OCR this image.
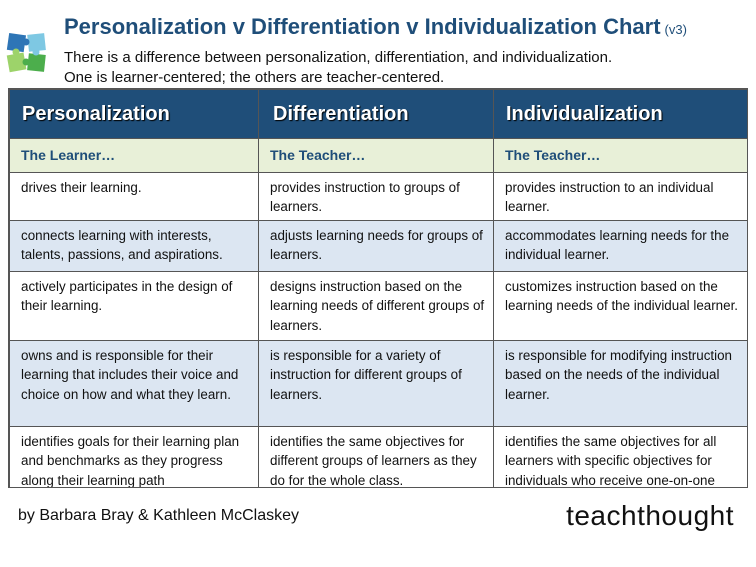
Personalization v Differentiation v Individualization Chart (v3)
There is a difference between personalization, differentiation, and individualization.
One is learner-centered; the others are teacher-centered.
Personalization	Differentiation	Individualization
The Learner…	The Teacher…	The Teacher…
drives their learning.	provides instruction to groups of learners.	provides instruction to an individual learner.
connects learning with interests, talents, passions, and aspirations.	adjusts learning needs for groups of learners.	accommodates learning needs for the individual learner.
actively participates in the design of their learning.	designs instruction based on the learning needs of different groups of learners.	customizes instruction based on the learning needs of the individual learner.
owns and is responsible for their learning that includes their voice and choice on how and what they learn.	is responsible for a variety of instruction for different groups of learners.	is responsible for modifying instruction based on the needs of the individual learner.
identifies goals for their learning plan and benchmarks as they progress along their learning path	identifies the same objectives for different groups of learners as they do for the whole class.	identifies the same objectives for all learners with specific objectives for individuals who receive one-on-one
by Barbara Bray & Kathleen McClaskey	teachthought
